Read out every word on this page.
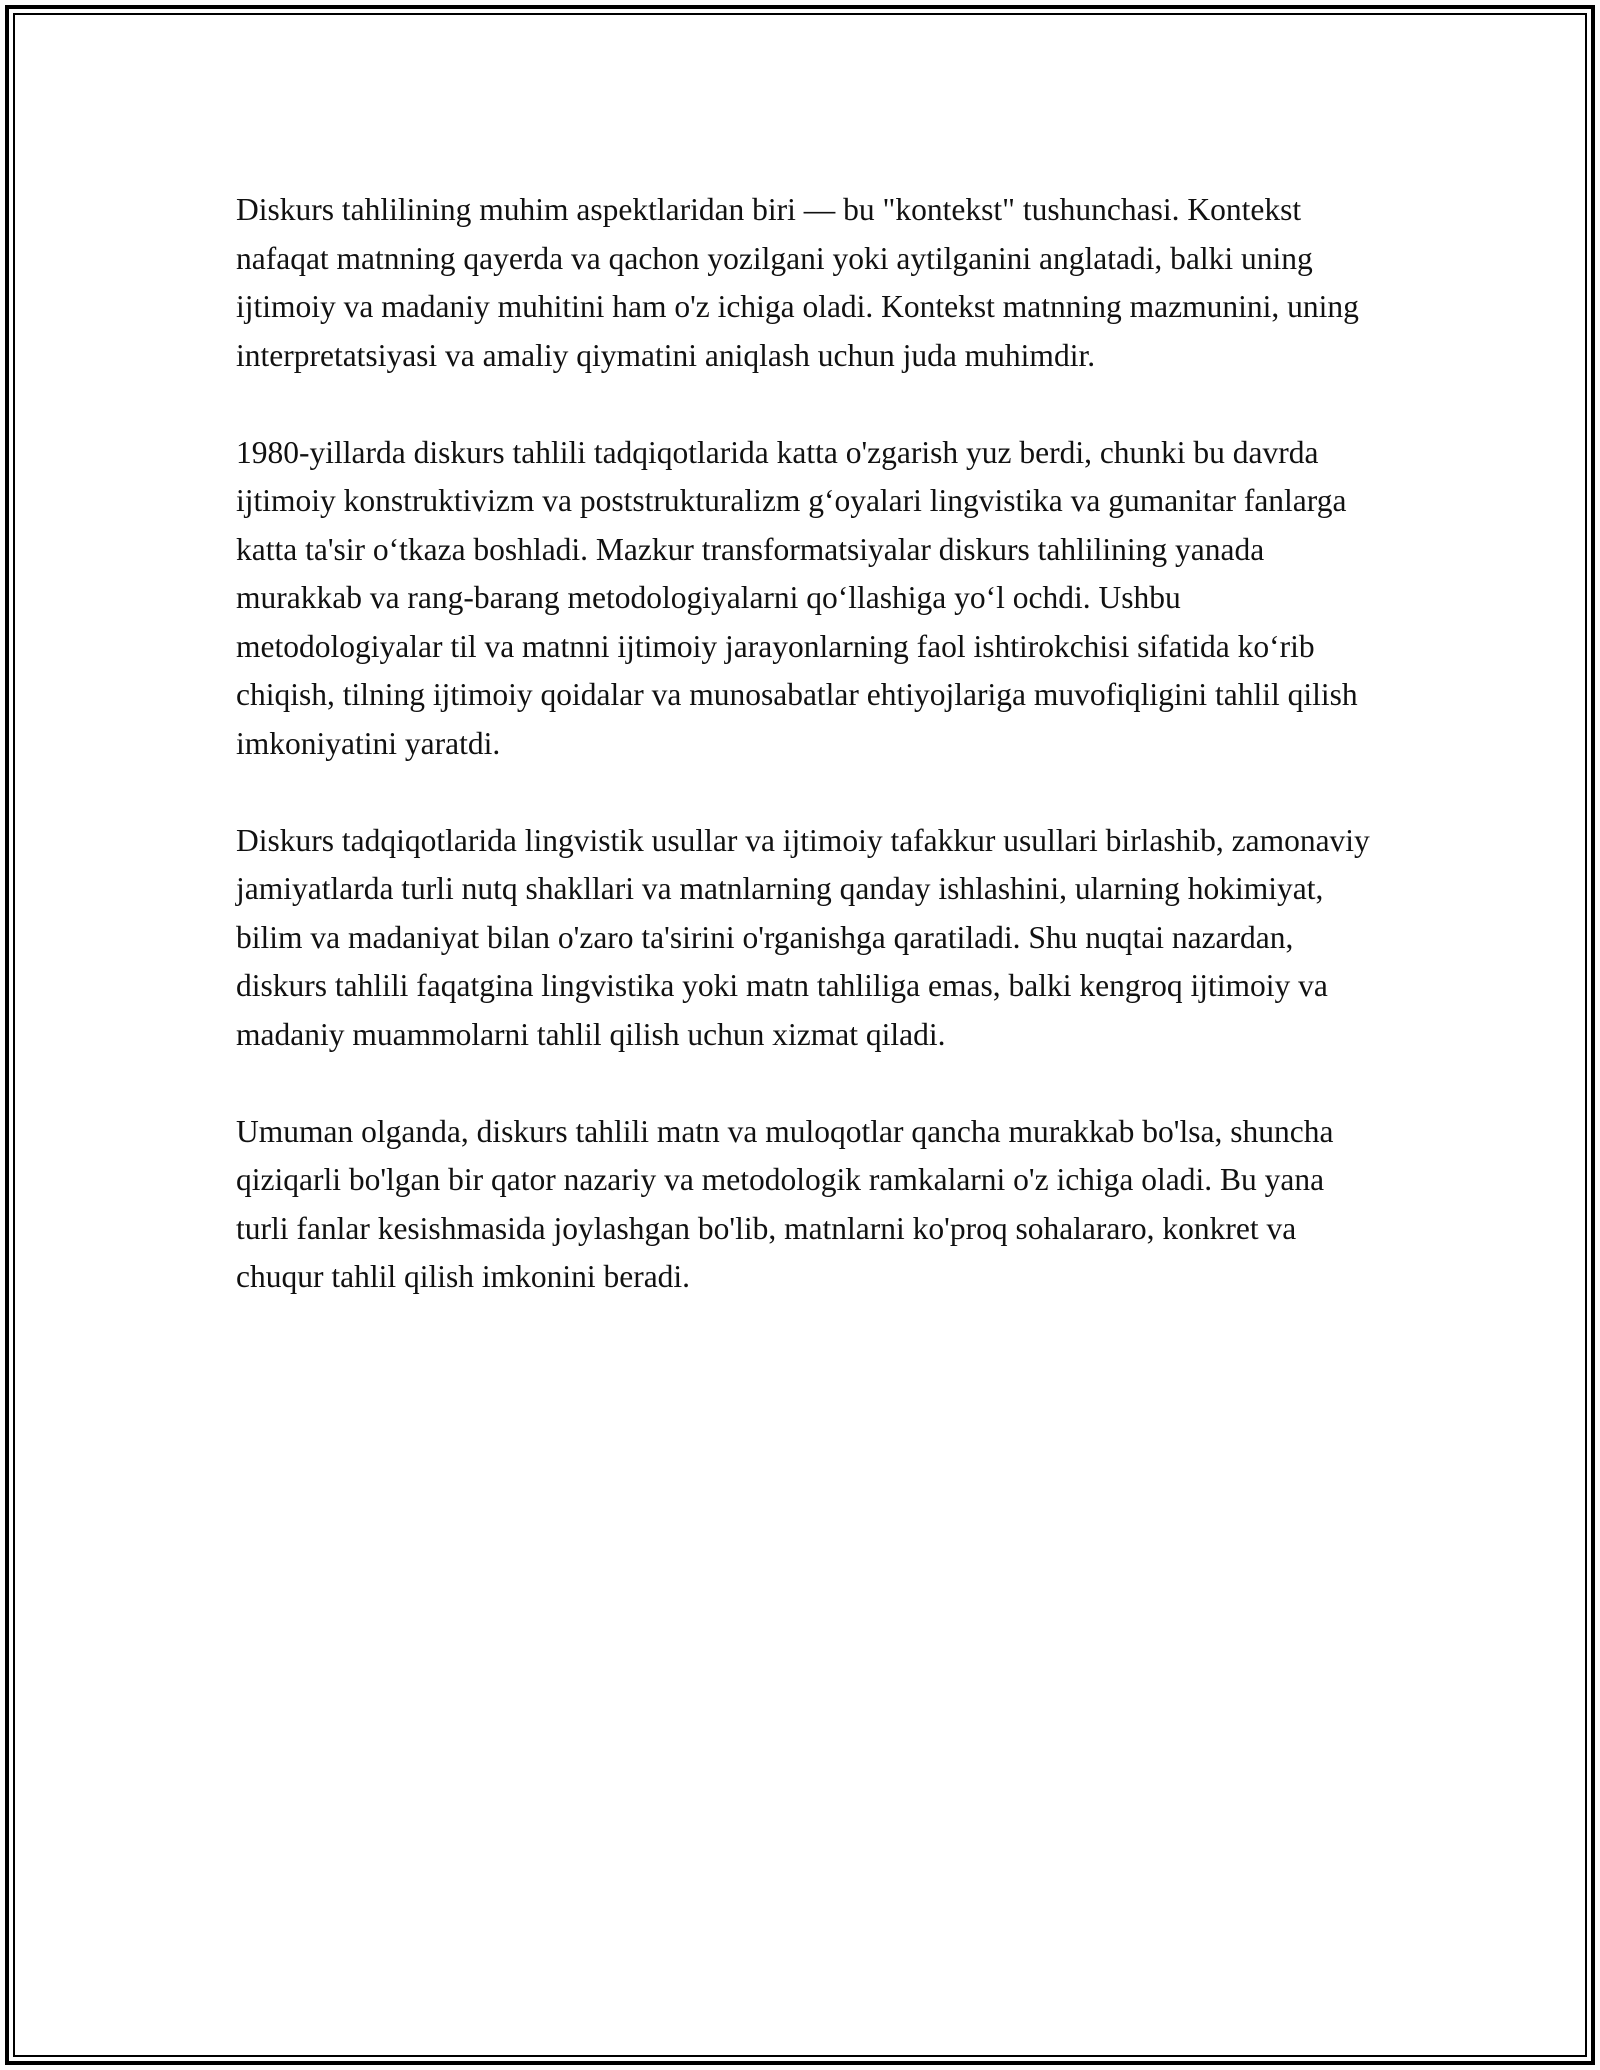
Diskurs tahlilining muhim aspektlaridan biri — bu "kontekst" tushunchasi. Kontekst nafaqat matnning qayerda va qachon yozilgani yoki aytilganini anglatadi, balki uning ijtimoiy va madaniy muhitini ham o'z ichiga oladi. Kontekst matnning mazmunini, uning interpretatsiyasi va amaliy qiymatini aniqlash uchun juda muhimdir.

1980-yillarda diskurs tahlili tadqiqotlarida katta o'zgarish yuz berdi, chunki bu davrda ijtimoiy konstruktivizm va poststrukturalizm g‘oyalari lingvistika va gumanitar fanlarga katta ta'sir o‘tkaza boshladi. Mazkur transformatsiyalar diskurs tahlilining yanada murakkab va rang-barang metodologiyalarni qo‘llashiga yo‘l ochdi. Ushbu metodologiyalar til va matnni ijtimoiy jarayonlarning faol ishtirokchisi sifatida ko‘rib chiqish, tilning ijtimoiy qoidalar va munosabatlar ehtiyojlariga muvofiqligini tahlil qilish imkoniyatini yaratdi.

Diskurs tadqiqotlarida lingvistik usullar va ijtimoiy tafakkur usullari birlashib, zamonaviy jamiyatlarda turli nutq shakllari va matnlarning qanday ishlashini, ularning hokimiyat, bilim va madaniyat bilan o'zaro ta'sirini o'rganishga qaratiladi. Shu nuqtai nazardan, diskurs tahlili faqatgina lingvistika yoki matn tahliliga emas, balki kengroq ijtimoiy va madaniy muammolarni tahlil qilish uchun xizmat qiladi.

Umuman olganda, diskurs tahlili matn va muloqotlar qancha murakkab bo'lsa, shuncha qiziqarli bo'lgan bir qator nazariy va metodologik ramkalarni o'z ichiga oladi. Bu yana turli fanlar kesishmasida joylashgan bo'lib, matnlarni ko'proq sohalararo, konkret va chuqur tahlil qilish imkonini beradi.
